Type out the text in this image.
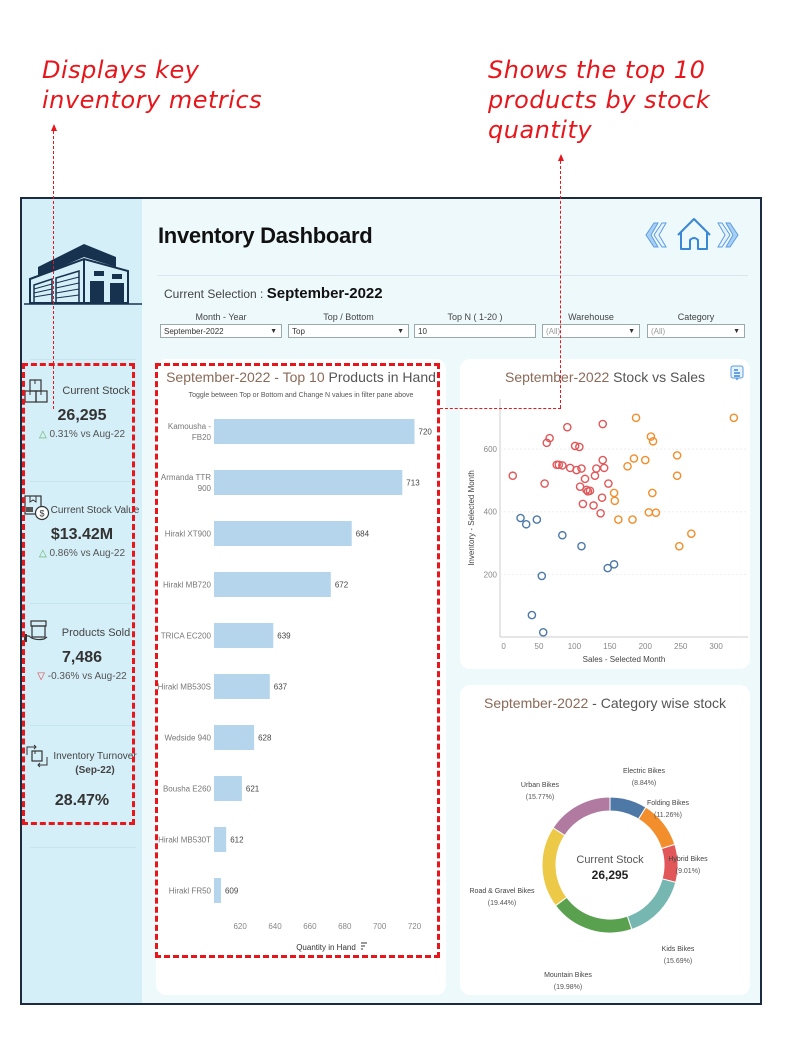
Displays key
inventory metrics
Shows the top 10
products by stock
quantity
Current Stock
26,295
△ 0.31% vs Aug-22
$ Current Stock Value
$13.42M
△ 0.86% vs Aug-22
Products Sold
7,486
▽ -0.36% vs Aug-22
Inventory Turnover
(Sep-22)
28.47%
Inventory Dashboard
Current Selection : September-2022
Month - Year
September-2022	▼
Top / Bottom
Top	▼
Top N ( 1-20 )
10
Warehouse
(All)	▼
Category
(All)	▼
September-2022 - Top 10 Products in Hand
Toggle between Top or Bottom and Change N values in filter pane above
720
Kamousha -
FB20
713
Armanda TTR
900
684
Hirakl XT900
672
Hirakl MB720
639
TRICA EC200
637
Hirakl MB530S
628
Wedside 940
621
Bousha E260
612
Hirakl MB530T
609
Hirakl FR50
620	640	660	680	700	720
Quantity in Hand
September-2022 Stock vs Sales
200
400
600
0	50	100	150	200	250	300
Sales - Selected Month
Inventory - Selected Month
September-2022 - Category wise stock
Electric Bikes
(8.84%)
Folding Bikes
(11.26%)
Hybrid Bikes
(9.01%)
Kids Bikes
(15.69%)
Mountain Bikes
(19.98%)
Road & Gravel Bikes
(19.44%)
Urban Bikes
(15.77%)
Current Stock
26,295
